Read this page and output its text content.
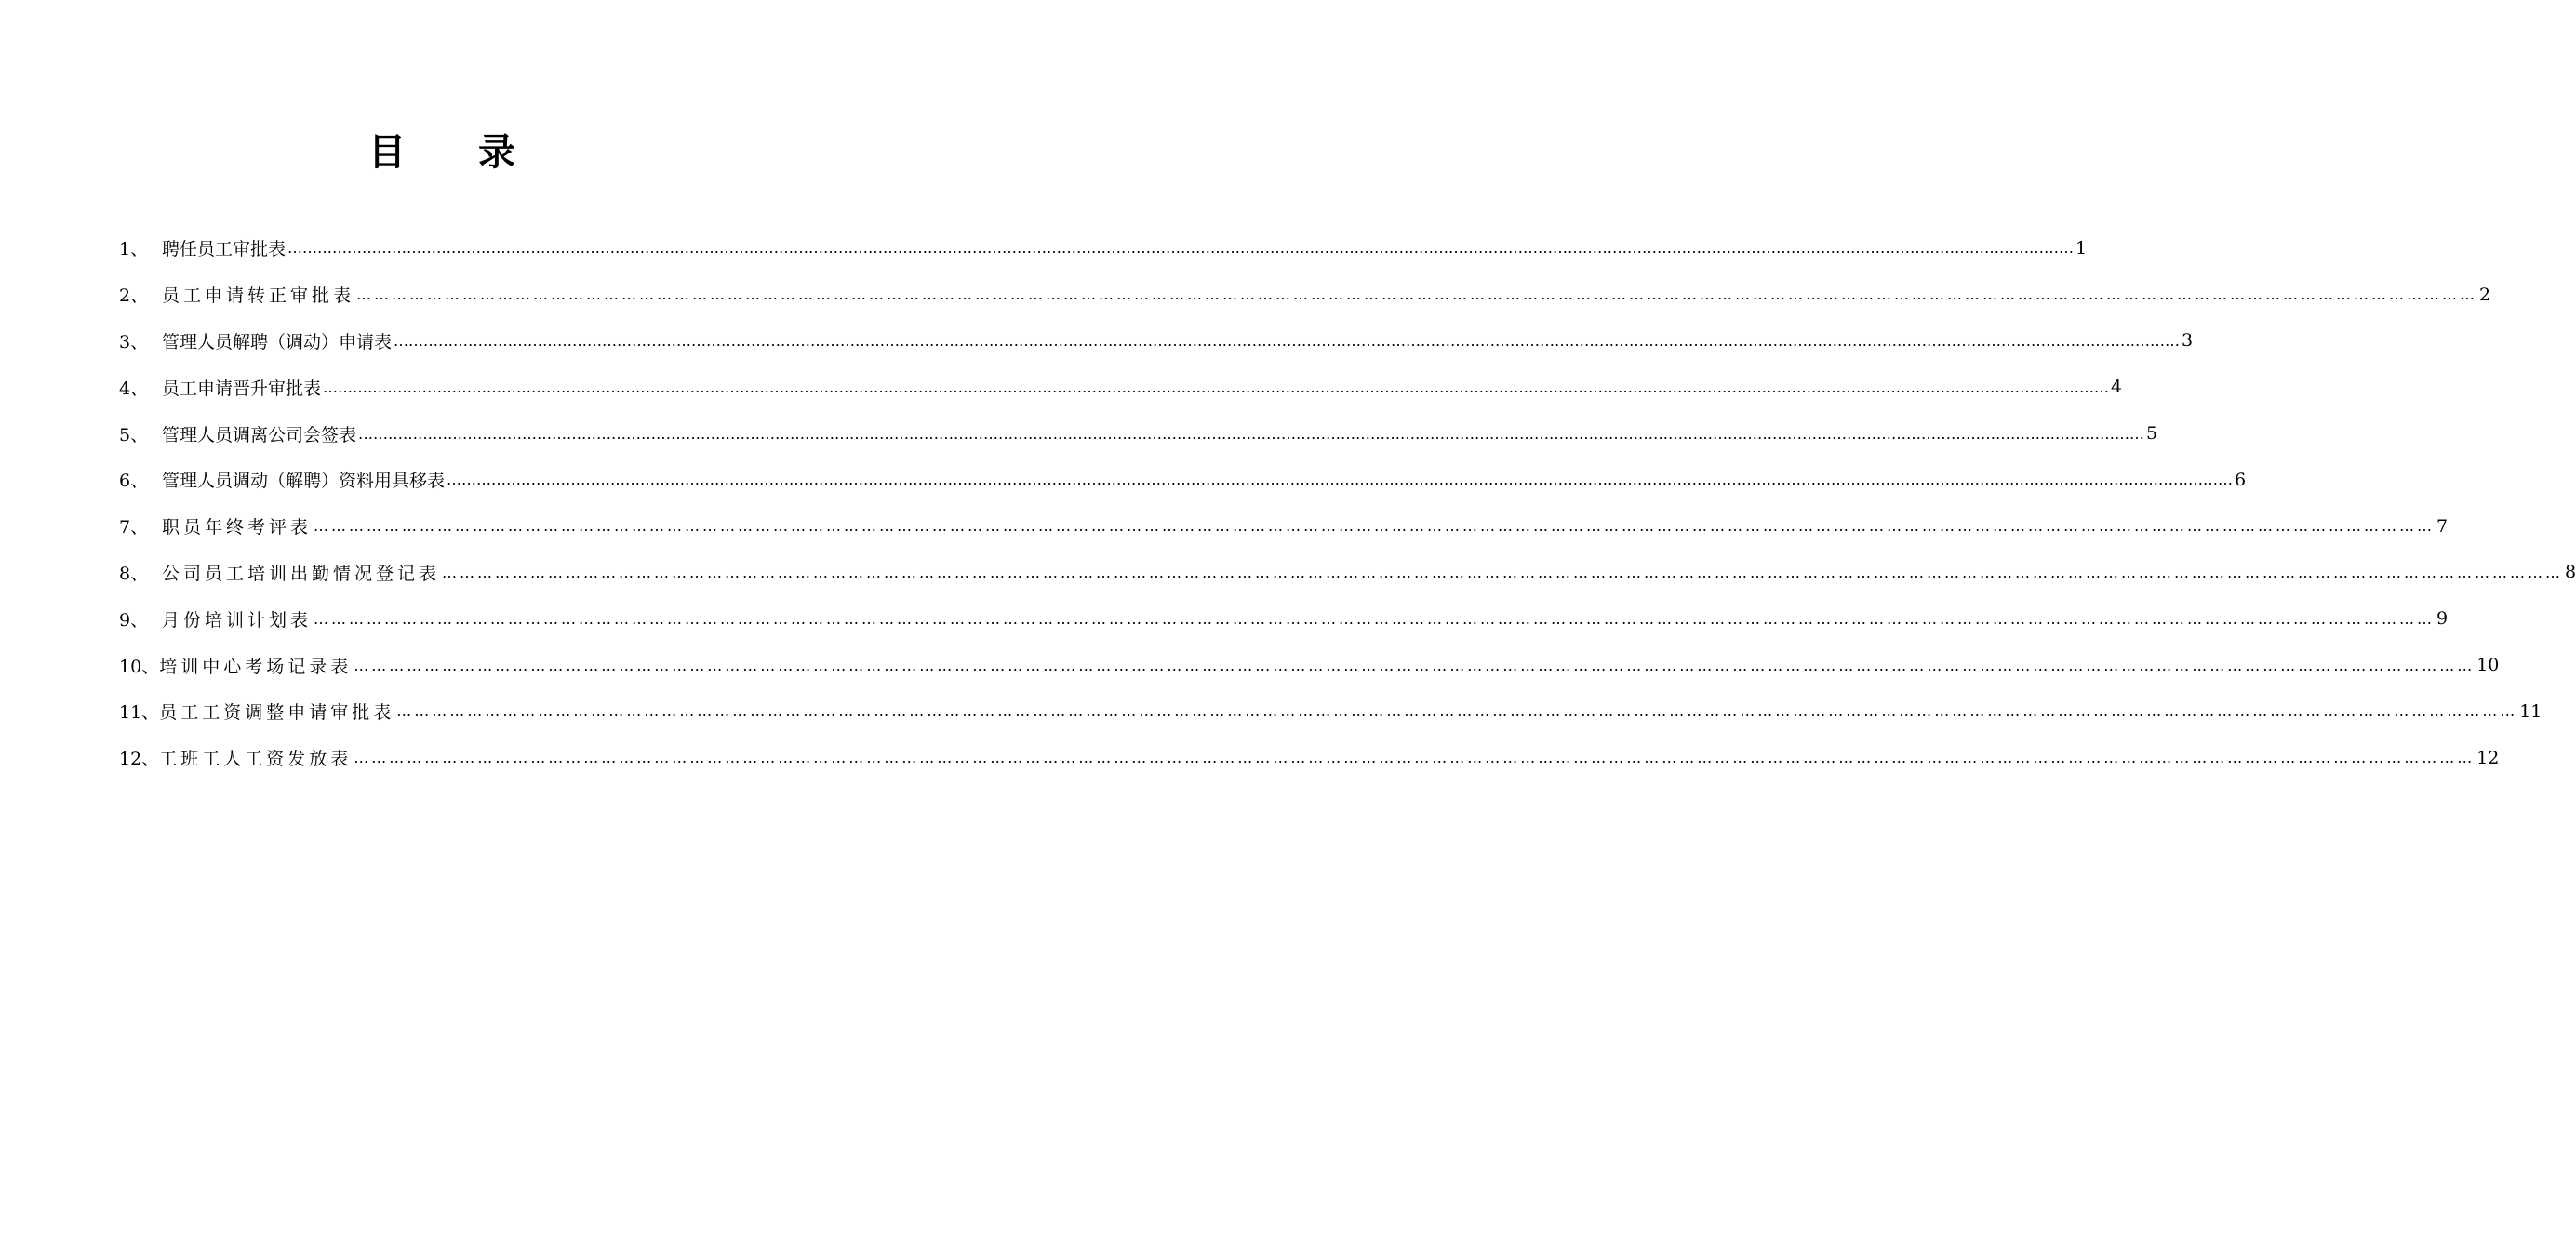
目 录
1、 聘任员工审批表 ……………………………………………………………………………………………………………………………………………………………………………………………………………………………………………………………………………………………………………………………… 1
2、 员工申请转正审批表 ……………………………………………………………………………………………………………………………………………………………………………………………………………………………………………………………………………………………………………………………… 2
3、 管理人员解聘（调动）申请表 ……………………………………………………………………………………………………………………………………………………………………………………………………………………………………………………………………………………………………………………………… 3
4、 员工申请晋升审批表 ……………………………………………………………………………………………………………………………………………………………………………………………………………………………………………………………………………………………………………………………… 4
5、 管理人员调离公司会签表 ……………………………………………………………………………………………………………………………………………………………………………………………………………………………………………………………………………………………………………………………… 5
6、 管理人员调动（解聘）资料用具移表 ……………………………………………………………………………………………………………………………………………………………………………………………………………………………………………………………………………………………………………………………… 6
7、 职员年终考评表 ……………………………………………………………………………………………………………………………………………………………………………………………………………………………………………………………………………………………………………………………… 7
8、 公司员工培训出勤情况登记表 ……………………………………………………………………………………………………………………………………………………………………………………………………………………………………………………………………………………………………………………………… 8
9、 月份培训计划表 ……………………………………………………………………………………………………………………………………………………………………………………………………………………………………………………………………………………………………………………………… 9
10、 培训中心考场记录表 ……………………………………………………………………………………………………………………………………………………………………………………………………………………………………………………………………………………………………………………………… 10
11、 员工工资调整申请审批表 ……………………………………………………………………………………………………………………………………………………………………………………………………………………………………………………………………………………………………………………………… 11
12、 工班工人工资发放表 ……………………………………………………………………………………………………………………………………………………………………………………………………………………………………………………………………………………………………………………………… 12
